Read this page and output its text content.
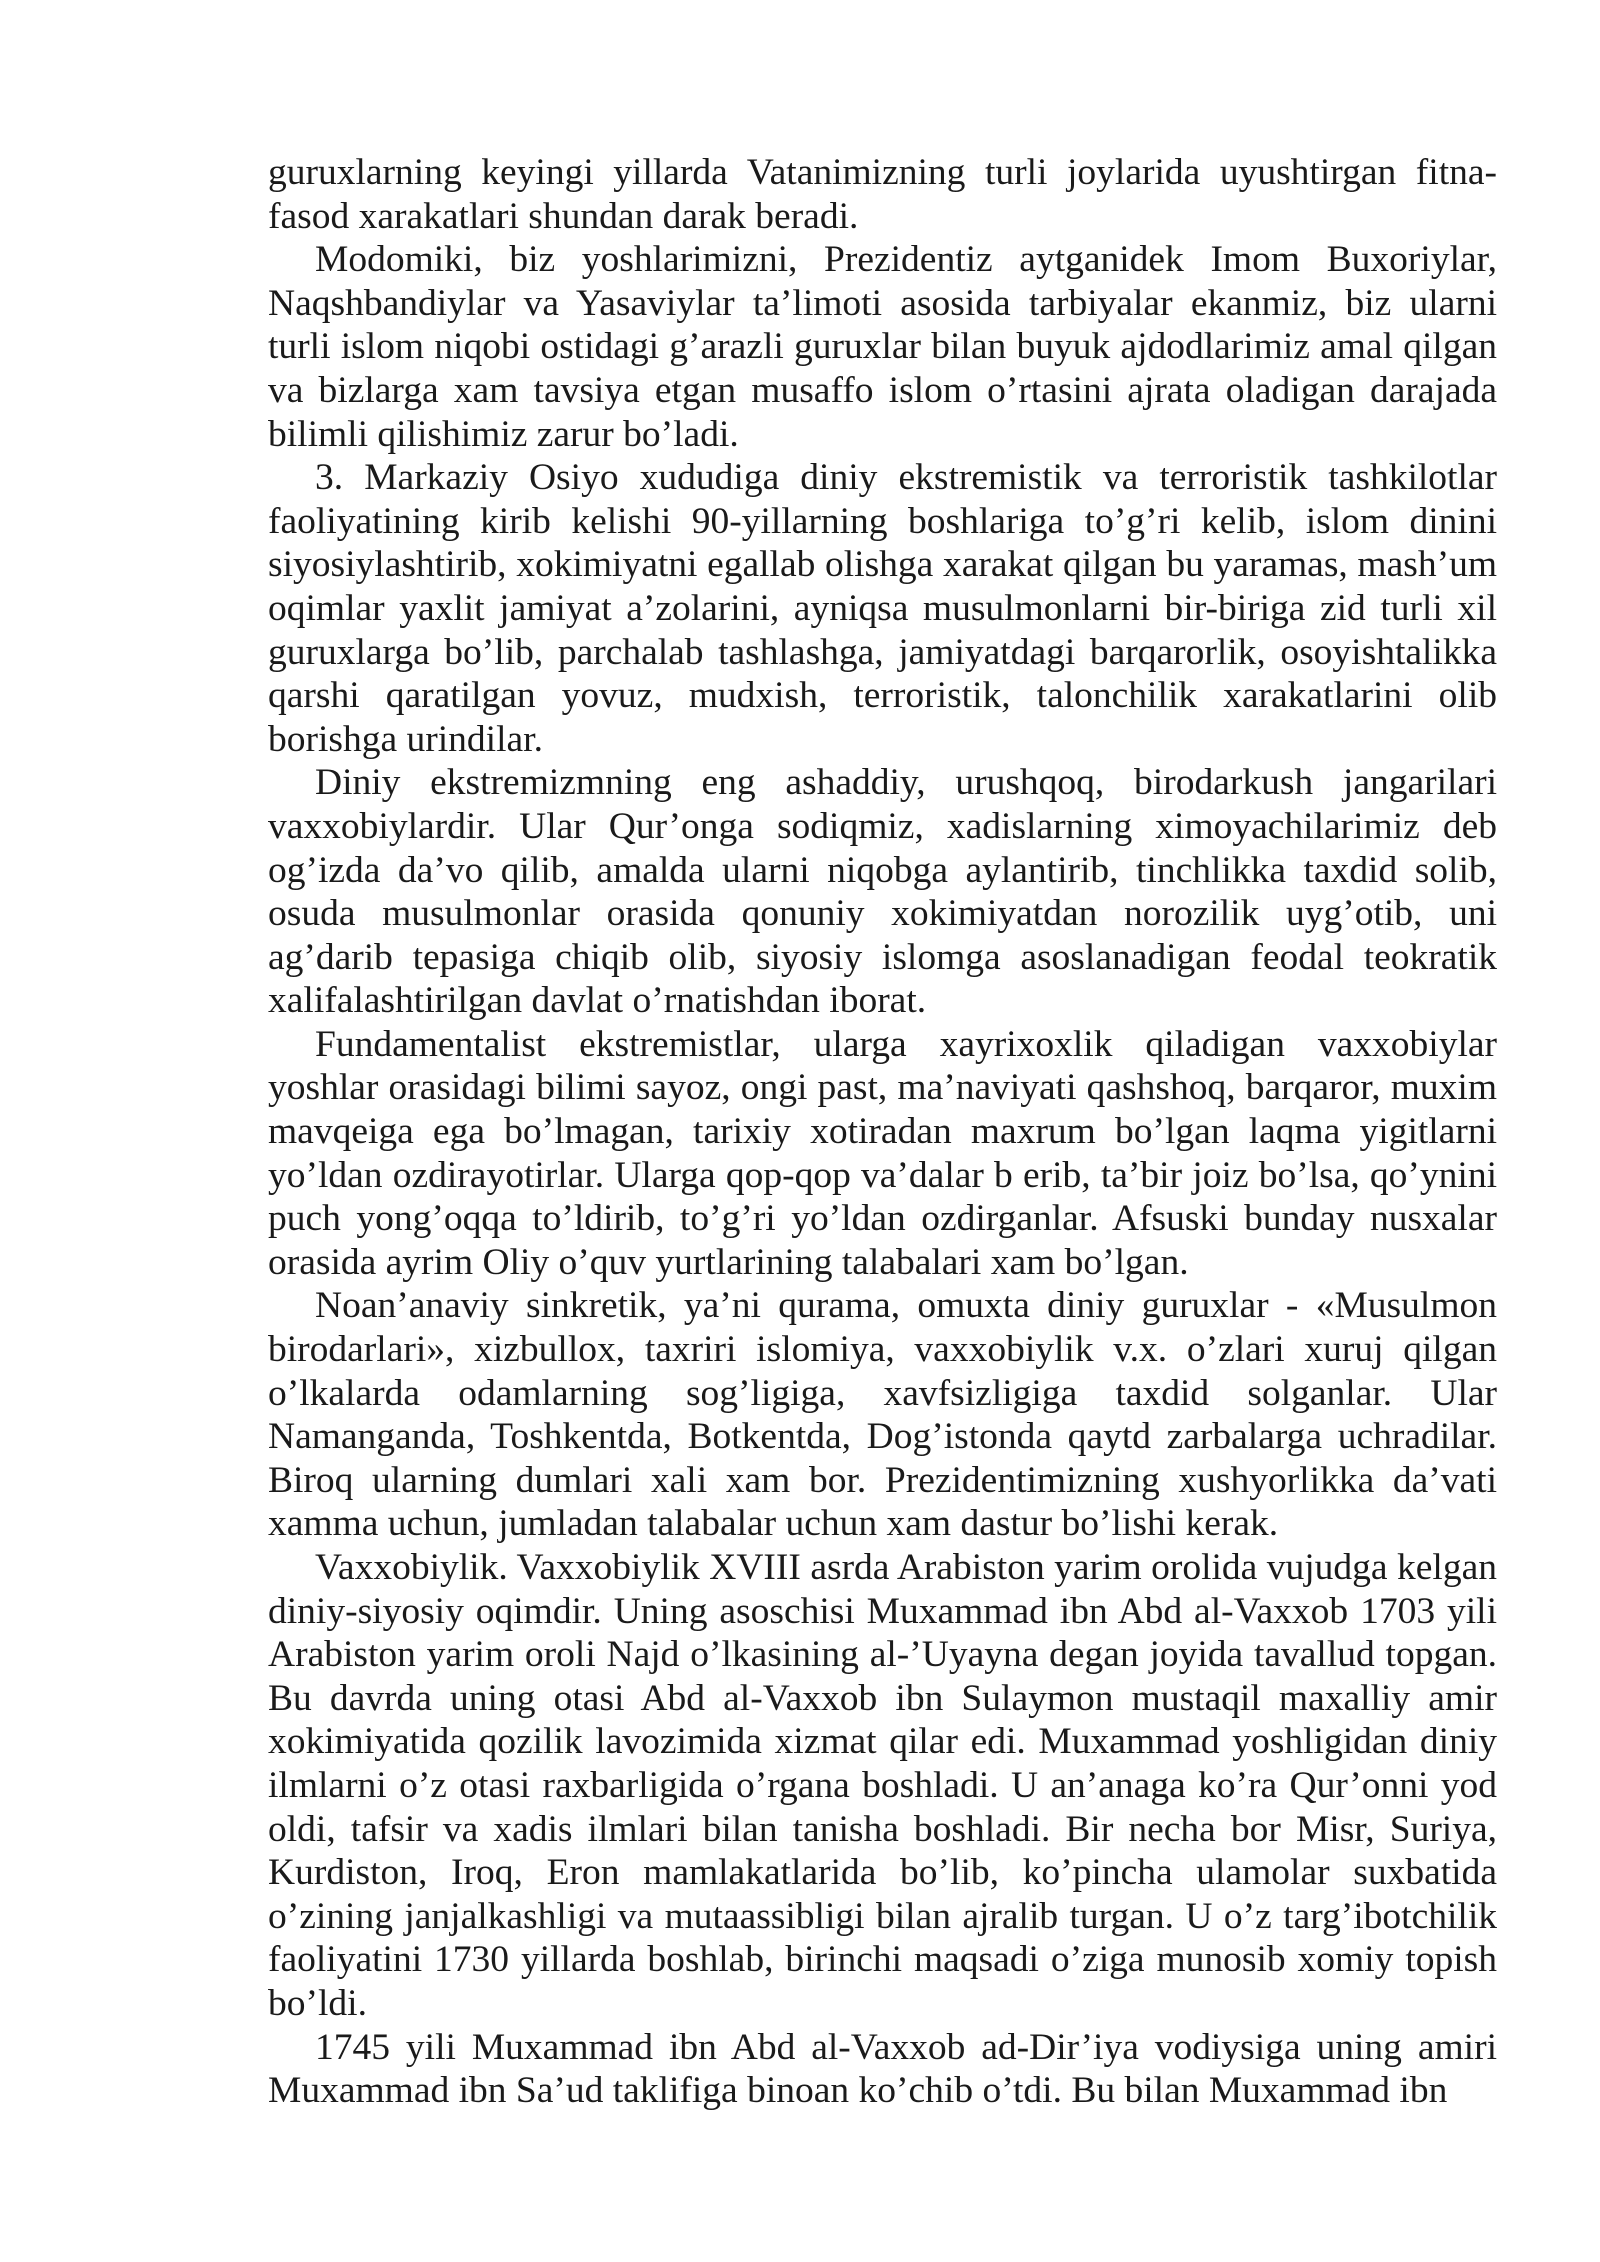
guruxlarning keyingi yillarda Vatanimizning turli joylarida uyushtirgan fitna-fasod xarakatlari shundan darak beradi.

Modomiki, biz yoshlarimizni, Prezidentiz aytganidek Imom Buxoriylar, Naqshbandiylar va Yasaviylar ta’limoti asosida tarbiyalar ekanmiz, biz ularni turli islom niqobi ostidagi g’arazli guruxlar bilan buyuk ajdodlarimiz amal qilgan va bizlarga xam tavsiya etgan musaffo islom o’rtasini ajrata oladigan darajada bilimli qilishimiz zarur bo’ladi.

3. Markaziy Osiyo xududiga diniy ekstremistik va terroristik tashkilotlar faoliyatining kirib kelishi 90-yillarning boshlariga to’g’ri kelib, islom dinini siyosiylashtirib, xokimiyatni egallab olishga xarakat qilgan bu yaramas, mash’um oqimlar yaxlit jamiyat a’zolarini, ayniqsa musulmonlarni bir-biriga zid turli xil guruxlarga bo’lib, parchalab tashlashga, jamiyatdagi barqarorlik, osoyishtalikka qarshi qaratilgan yovuz, mudxish, terroristik, talonchilik xarakatlarini olib borishga urindilar.

Diniy ekstremizmning eng ashaddiy, urushqoq, birodarkush jangarilari vaxxobiylardir. Ular Qur’onga sodiqmiz, xadislarning ximoyachilarimiz deb og’izda da’vo qilib, amalda ularni niqobga aylantirib, tinchlikka taxdid solib, osuda musulmonlar orasida qonuniy xokimiyatdan norozilik uyg’otib, uni ag’darib tepasiga chiqib olib, siyosiy islomga asoslanadigan feodal teokratik xalifalashtirilgan davlat o’rnatishdan iborat.

Fundamentalist ekstremistlar, ularga xayrixoxlik qiladigan vaxxobiylar yoshlar orasidagi bilimi sayoz, ongi past, ma’naviyati qashshoq, barqaror, muxim mavqeiga ega bo’lmagan, tarixiy xotiradan maxrum bo’lgan laqma yigitlarni yo’ldan ozdirayotirlar. Ularga qop-qop va’dalar b erib, ta’bir joiz bo’lsa, qo’ynini puch yong’oqqa to’ldirib, to’g’ri yo’ldan ozdirganlar. Afsuski bunday nusxalar orasida ayrim Oliy o’quv yurtlarining talabalari xam bo’lgan.

Noan’anaviy sinkretik, ya’ni qurama, omuxta diniy guruxlar - «Musulmon birodarlari», xizbullox, taxriri islomiya, vaxxobiylik v.x. o’zlari xuruj qilgan o’lkalarda odamlarning sog’ligiga, xavfsizligiga taxdid solganlar. Ular Namanganda, Toshkentda, Botkentda, Dog’istonda qaytd zarbalarga uchradilar. Biroq ularning dumlari xali xam bor. Prezidentimizning xushyorlikka da’vati xamma uchun, jumladan talabalar uchun xam dastur bo’lishi kerak.

Vaxxobiylik. Vaxxobiylik XVIII asrda Arabiston yarim orolida vujudga kelgan diniy-siyosiy oqimdir. Uning asoschisi Muxammad ibn Abd al-Vaxxob 1703 yili Arabiston yarim oroli Najd o’lkasining al-’Uyayna degan joyida tavallud topgan. Bu davrda uning otasi Abd al-Vaxxob ibn Sulaymon mustaqil maxalliy amir xokimiyatida qozilik lavozimida xizmat qilar edi. Muxammad yoshligidan diniy ilmlarni o’z otasi raxbarligida o’rgana boshladi. U an’anaga ko’ra Qur’onni yod oldi, tafsir va xadis ilmlari bilan tanisha boshladi. Bir necha bor Misr, Suriya, Kurdiston, Iroq, Eron mamlakatlarida bo’lib, ko’pincha ulamolar suxbatida o’zining janjalkashligi va mutaassibligi bilan ajralib turgan. U o’z targ’ibotchilik faoliyatini 1730 yillarda boshlab, birinchi maqsadi o’ziga munosib xomiy topish bo’ldi.

1745 yili Muxammad ibn Abd al-Vaxxob ad-Dir’iya vodiysiga uning amiri Muxammad ibn Sa’ud taklifiga binoan ko’chib o’tdi. Bu bilan Muxammad ibn
